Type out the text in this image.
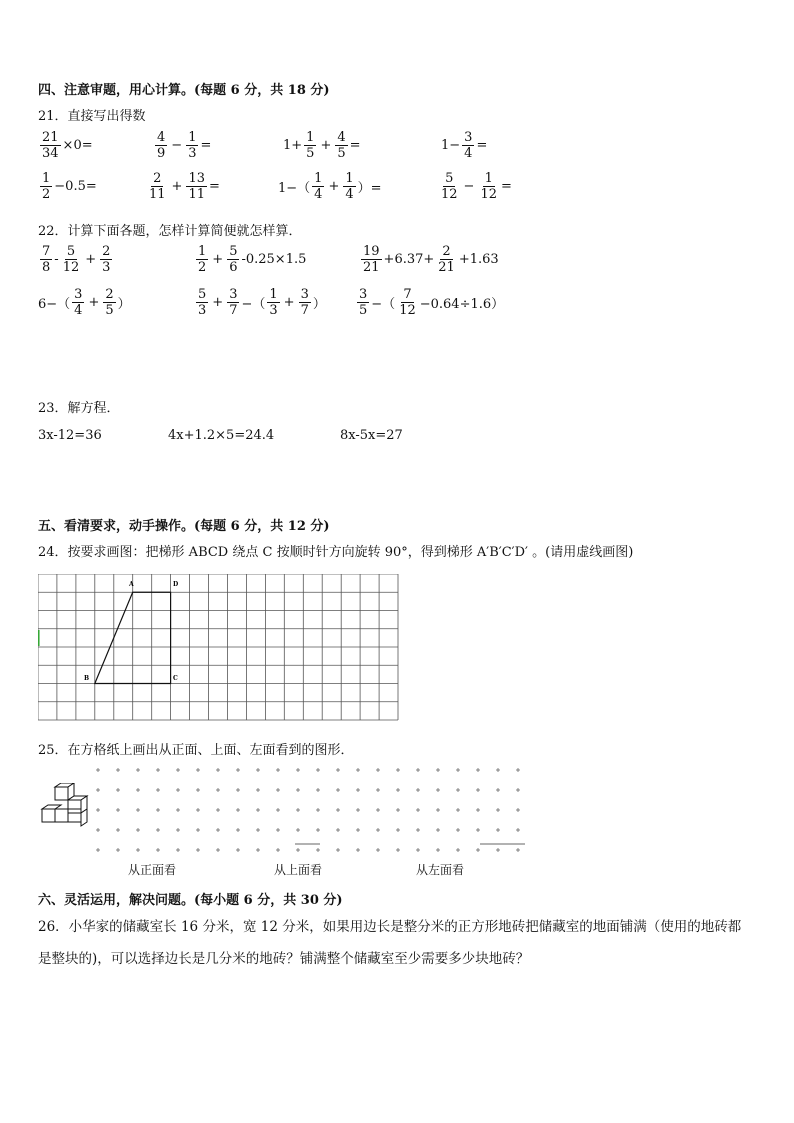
四、注意审题，用心计算。(每题 6 分，共 18 分)
21．直接写出得数
$\frac{21}{34} \times 0=$	$\frac{4}{9} - \frac{1}{3}$ =	$1+ \frac{1}{5} + \frac{4}{5}$ =	$1- \frac{3}{4}$ =
$\frac{1}{2} -0.5=$	$\frac{2}{11} + \frac{13}{11}$ =	$1-( \frac{1}{4} + \frac{1}{4}$ ）=	$\frac{5}{12} - \frac{1}{12}$ =
22．计算下面各题，怎样计算简便就怎样算．
$\frac{7}{8} - \frac{5}{12} + \frac{2}{3}$	$\frac{1}{2} + \frac{5}{6} -0.25\times 1.5$	$\frac{19}{21} +6.37+ \frac{2}{21} +1.63$
$6-( \frac{3}{4} + \frac{2}{5}$ ）	$\frac{5}{3} + \frac{3}{7}$ −（ $\frac{1}{3} + \frac{3}{7}$ ） $\frac{3}{5}$ −（ $\frac{7}{12} -0.64\div 1.6$）
23．解方程．
3x-12=36	4x+1.2×5=24.4	8x-5x=27
五、看清要求，动手操作。(每题 6 分，共 12 分)
24．按要求画图：把梯形 ABCD 绕点 C 按顺时针方向旋转 90°，得到梯形 A′B′C′D′ 。(请用虚线画图)
A	D
B	C
25．在方格纸上画出从正面、上面、左面看到的图形．
从正面看	从上面看	从左面看
六、灵活运用，解决问题。(每小题 6 分，共 30 分)
26．小华家的储藏室长 16 分米，宽 12 分米，如果用边长是整分米的正方形地砖把储藏室的地面铺满（使用的地砖都
是整块的)，可以选择边长是几分米的地砖？铺满整个储藏室至少需要多少块地砖？
